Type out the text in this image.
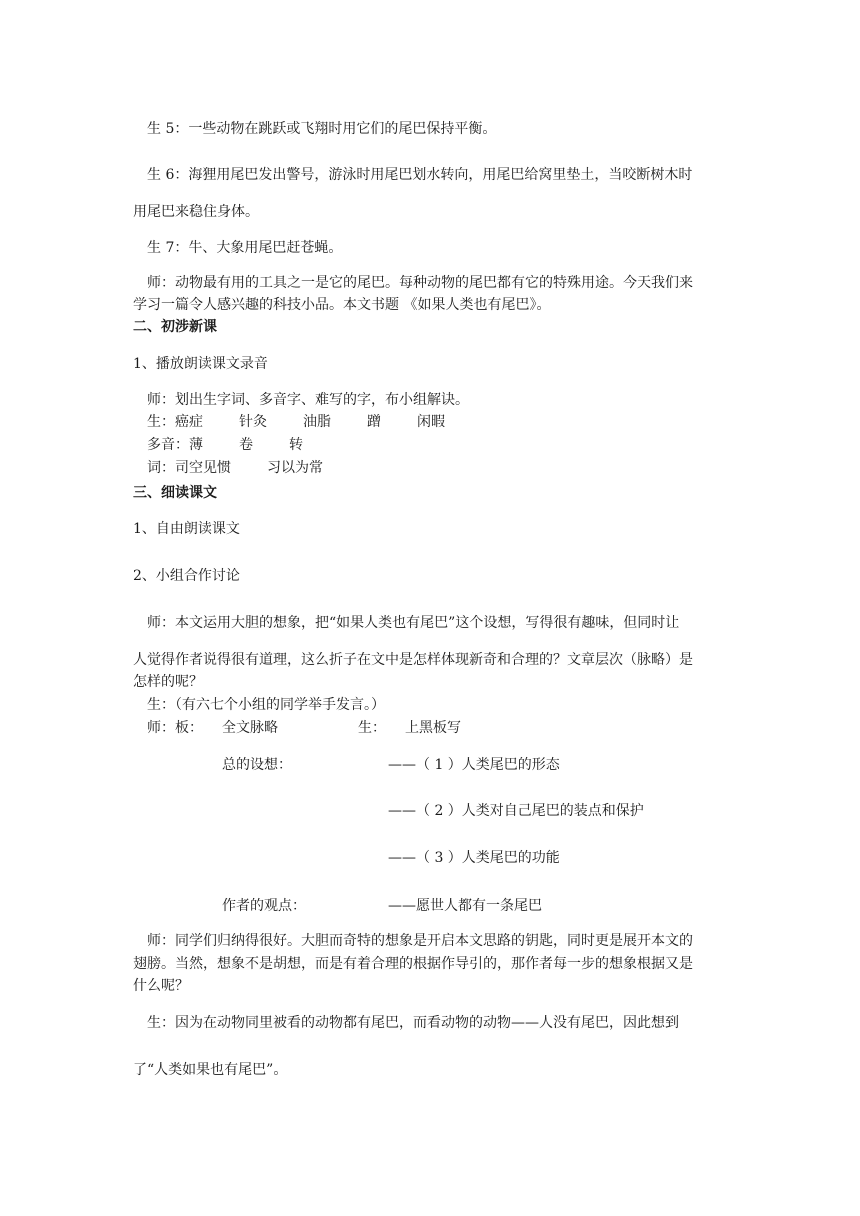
生 5：一些动物在跳跃或飞翔时用它们的尾巴保持平衡。

生 6：海狸用尾巴发出警号，游泳时用尾巴划水转向，用尾巴给窝里垫土，当咬断树木时

用尾巴来稳住身体。

生 7：牛、大象用尾巴赶苍蝇。

师：动物最有用的工具之一是它的尾巴。每种动物的尾巴都有它的特殊用途。今天我们来

学习一篇令人感兴趣的科技小品。本文书题 《如果人类也有尾巴》。

二、初涉新课

1、播放朗读课文录音

师：划出生字词、多音字、难写的字，布小组解诀。

生：癌症	针灸	油脂	蹭	闲暇
多音：薄	卷	转
词：司空见惯	习以为常

三、细读课文

1、自由朗读课文

2、小组合作讨论

师：本文运用大胆的想象，把“如果人类也有尾巴”这个设想，写得很有趣味，但同时让

人觉得作者说得很有道理，这么折子在文中是怎样体现新奇和合理的？文章层次（脉略）是

怎样的呢？

生：（有六七个小组的同学举手发言。）

师：板： 全文脉略	生： 上黑板写

总的设想：	——（ 1 ）人类尾巴的形态

——（ 2 ）人类对自己尾巴的装点和保护

——（ 3 ）人类尾巴的功能

作者的观点：	——愿世人都有一条尾巴

师：同学们归纳得很好。大胆而奇特的想象是开启本文思路的钥匙，同时更是展开本文的

翅膀。当然，想象不是胡想，而是有着合理的根据作导引的，那作者每一步的想象根据又是

什么呢？

生：因为在动物同里被看的动物都有尾巴，而看动物的动物——人没有尾巴，因此想到

了“人类如果也有尾巴”。
